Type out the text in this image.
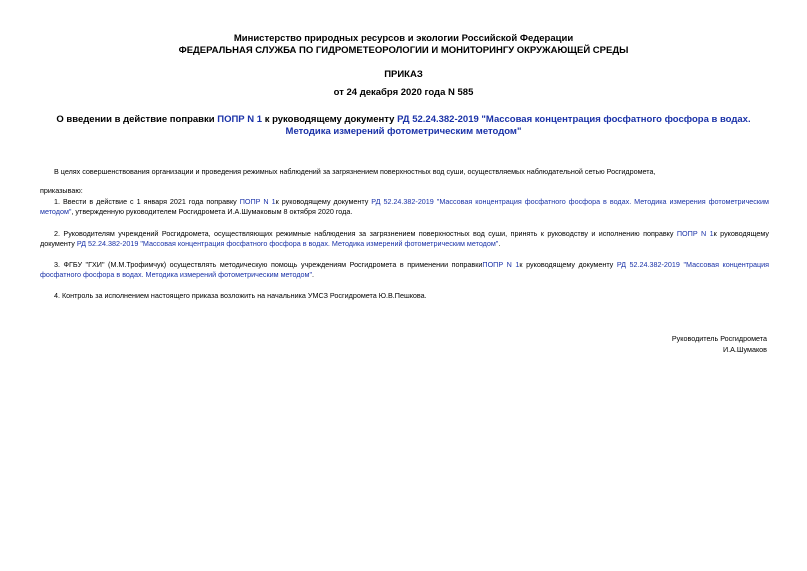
Министерство природных ресурсов и экологии Российской Федерации
ФЕДЕРАЛЬНАЯ СЛУЖБА ПО ГИДРОМЕТЕОРОЛОГИИ И МОНИТОРИНГУ ОКРУЖАЮЩЕЙ СРЕДЫ
ПРИКАЗ
от 24 декабря 2020 года N 585
О введении в действие поправки ПОПР N 1 к руководящему документу РД 52.24.382-2019 "Массовая концентрация фосфатного фосфора в водах. Методика измерений фотометрическим методом"
В целях совершенствования организации и проведения режимных наблюдений за загрязнением поверхностных вод суши, осуществляемых наблюдательной сетью Росгидромета,
приказываю:
1. Ввести в действие с 1 января 2021 года поправку ПОПР N 1к руководящему документу РД 52.24.382-2019 "Массовая концентрация фосфатного фосфора в водах. Методика измерения фотометрическим методом", утвержденную руководителем Росгидромета И.А.Шумаковым 8 октября 2020 года.
2. Руководителям учреждений Росгидромета, осуществляющих режимные наблюдения за загрязнением поверхностных вод суши, принять к руководству и исполнению поправку ПОПР N 1к руководящему документу РД 52.24.382-2019 "Массовая концентрация фосфатного фосфора в водах. Методика измерений фотометрическим методом".
3. ФГБУ "ГХИ" (М.М.Трофимчук) осуществлять методическую помощь учреждениям Росгидромета в применении поправкиПОПР N 1к руководящему документу РД 52.24.382-2019 "Массовая концентрация фосфатного фосфора в водах. Методика измерений фотометрическим методом".
4. Контроль за исполнением настоящего приказа возложить на начальника УМСЗ Росгидромета Ю.В.Пешкова.
Руководитель Росгидромета
И.А.Шумаков
